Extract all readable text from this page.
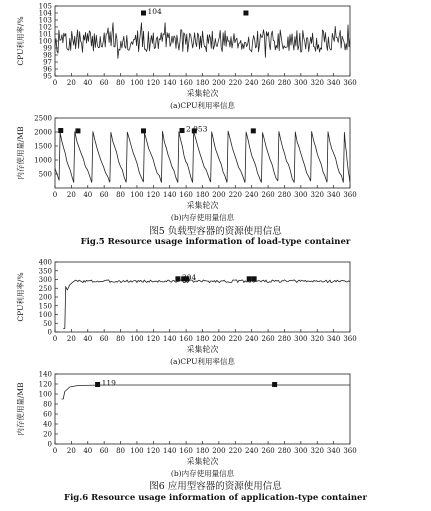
95
96
97
98
99
100
101
102
103
104
105
0 20 40 60 80 100 120 140 160 180 200 220 240 260 280 300 320 340 360
采集轮次
CPU利用率/%
(a)CPU利用率信息
104
500
1000
1500
2000
2500
0 20 40 60 80 100 120 140 160 180 200 220 240 260 280 300 320 340 360
采集轮次
内存使用量/MB
(b)内存使用量信息
2 053
图5 负载型容器的资源使用信息
Fig.5 Resource usage information of load-type container
0
50
100
150
200
250
300
350
400
0 20 40 60 80 100 120 140 160 180 200 220 240 260 280 300 320 340 360
采集轮次
CPU利用率/%
(a)CPU利用率信息
304
0
20
40
60
80
100
120
140
0 20 40 60 80 100 120 140 160 180 200 220 240 260 280 300 320 340 360
采集轮次
内存使用量/MB
(b)内存使用量信息
119
图6 应用型容器的资源使用信息
Fig.6 Resource usage information of application-type container
